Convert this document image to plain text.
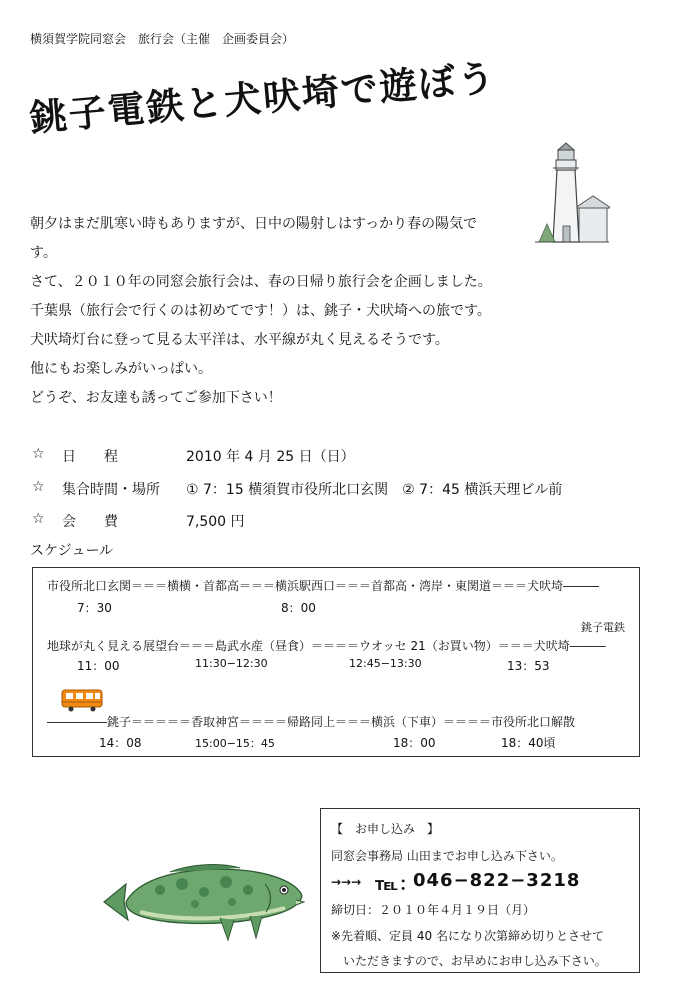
横須賀学院同窓会　旅行会（主催　企画委員会）
銚子電鉄と犬吠埼で遊ぼう
朝夕はまだ肌寒い時もありますが、日中の陽射しはすっかり春の陽気で
す。
さて、２０１０年の同窓会旅行会は、春の日帰り旅行会を企画しました。
千葉県（旅行会で行くのは初めてです！）は、銚子・犬吠埼への旅です。
犬吠埼灯台に登って見る太平洋は、水平線が丸く見えるそうです。
他にもお楽しみがいっぱい。
どうぞ、お友達も誘ってご参加下さい！
☆ 日　　程	2010 年 4 月 25 日（日）
☆ 集合時間・場所 ① 7：15 横須賀市役所北口玄関　② 7：45 横浜天理ビル前
☆ 会　　費	7,500 円
スケジュール
市役所北口玄関＝＝＝横横・首都高＝＝＝横浜駅西口＝＝＝首都高・湾岸・東関道＝＝＝犬吠埼―――
7：30	8：00
銚子電鉄
地球が丸く見える展望台＝＝＝島武水産（昼食）＝＝＝＝ウオッセ 21（お買い物）＝＝＝犬吠埼―――
11：00	11:30−12:30	12:45−13:30	13：53
―――――銚子＝＝＝＝＝香取神宮＝＝＝＝帰路同上＝＝＝横浜（下車）＝＝＝＝市役所北口解散
14：08	15:00−15：45	18：00	18：40頃
【　お申し込み　】
同窓会事務局 山田までお申し込み下さい。
→→→ ℡：
046−822−3218
締切日：２０１０年４月１９日（月）
※先着順、定員 40 名になり次第締め切りとさせて
いただきますので、お早めにお申し込み下さい。
